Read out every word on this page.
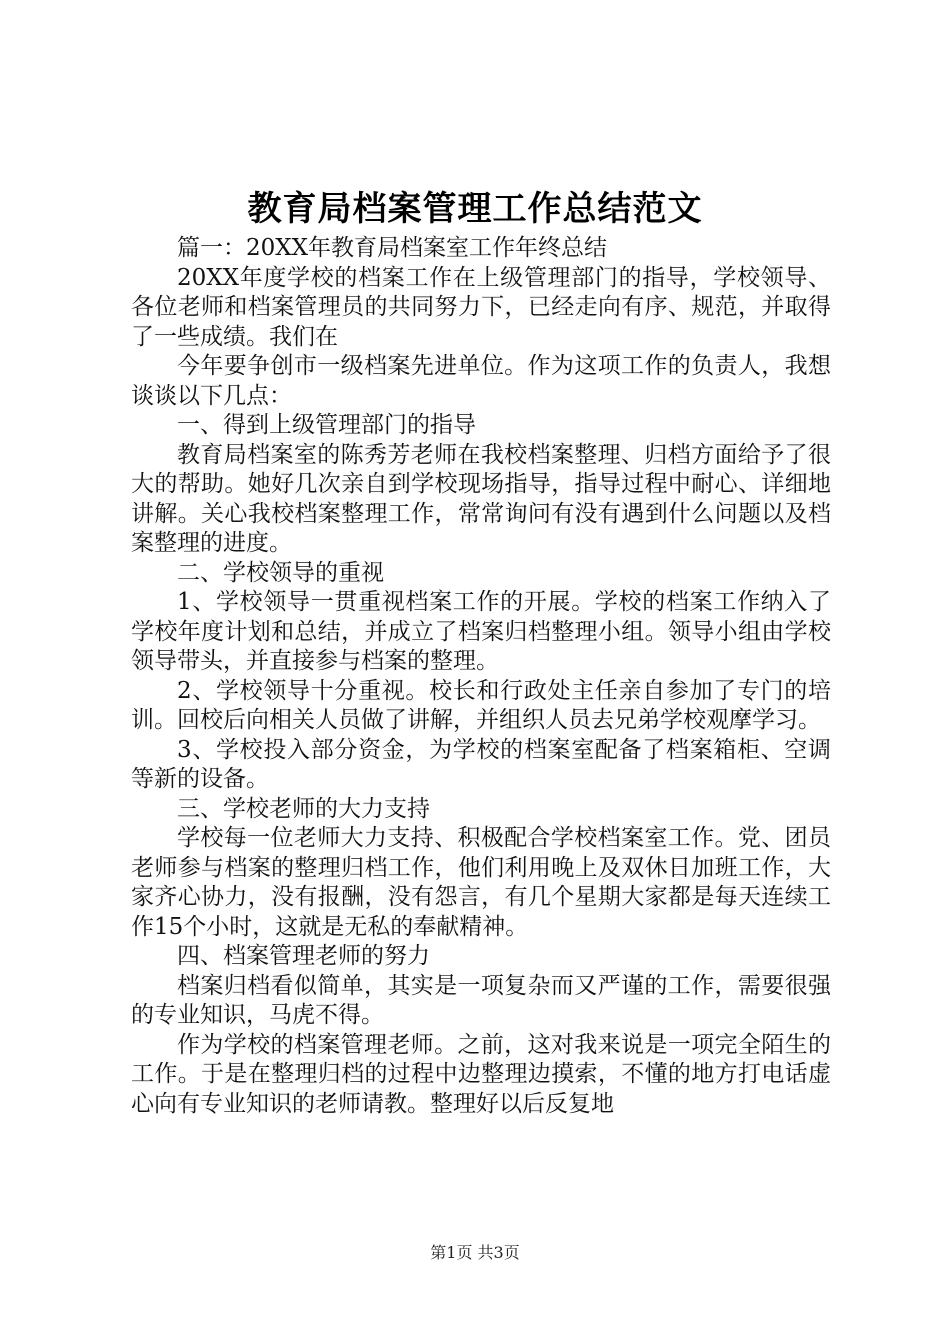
教育局档案管理工作总结范文

篇一：20XX年教育局档案室工作年终总结

20XX年度学校的档案工作在上级管理部门的指导，学校领导、各位老师和档案管理员的共同努力下，已经走向有序、规范，并取得了一些成绩。我们在

今年要争创市一级档案先进单位。作为这项工作的负责人，我想谈谈以下几点：

一、得到上级管理部门的指导

教育局档案室的陈秀芳老师在我校档案整理、归档方面给予了很大的帮助。她好几次亲自到学校现场指导，指导过程中耐心、详细地讲解。关心我校档案整理工作，常常询问有没有遇到什么问题以及档案整理的进度。

二、学校领导的重视

1、学校领导一贯重视档案工作的开展。学校的档案工作纳入了学校年度计划和总结，并成立了档案归档整理小组。领导小组由学校领导带头，并直接参与档案的整理。

2、学校领导十分重视。校长和行政处主任亲自参加了专门的培训。回校后向相关人员做了讲解，并组织人员去兄弟学校观摩学习。

3、学校投入部分资金，为学校的档案室配备了档案箱柜、空调等新的设备。

三、学校老师的大力支持

学校每一位老师大力支持、积极配合学校档案室工作。党、团员老师参与档案的整理归档工作，他们利用晚上及双休日加班工作，大家齐心协力，没有报酬，没有怨言，有几个星期大家都是每天连续工作15个小时，这就是无私的奉献精神。

四、档案管理老师的努力

档案归档看似简单，其实是一项复杂而又严谨的工作，需要很强的专业知识，马虎不得。

作为学校的档案管理老师。之前，这对我来说是一项完全陌生的工作。于是在整理归档的过程中边整理边摸索，不懂的地方打电话虚心向有专业知识的老师请教。整理好以后反复地

第1页 共3页
